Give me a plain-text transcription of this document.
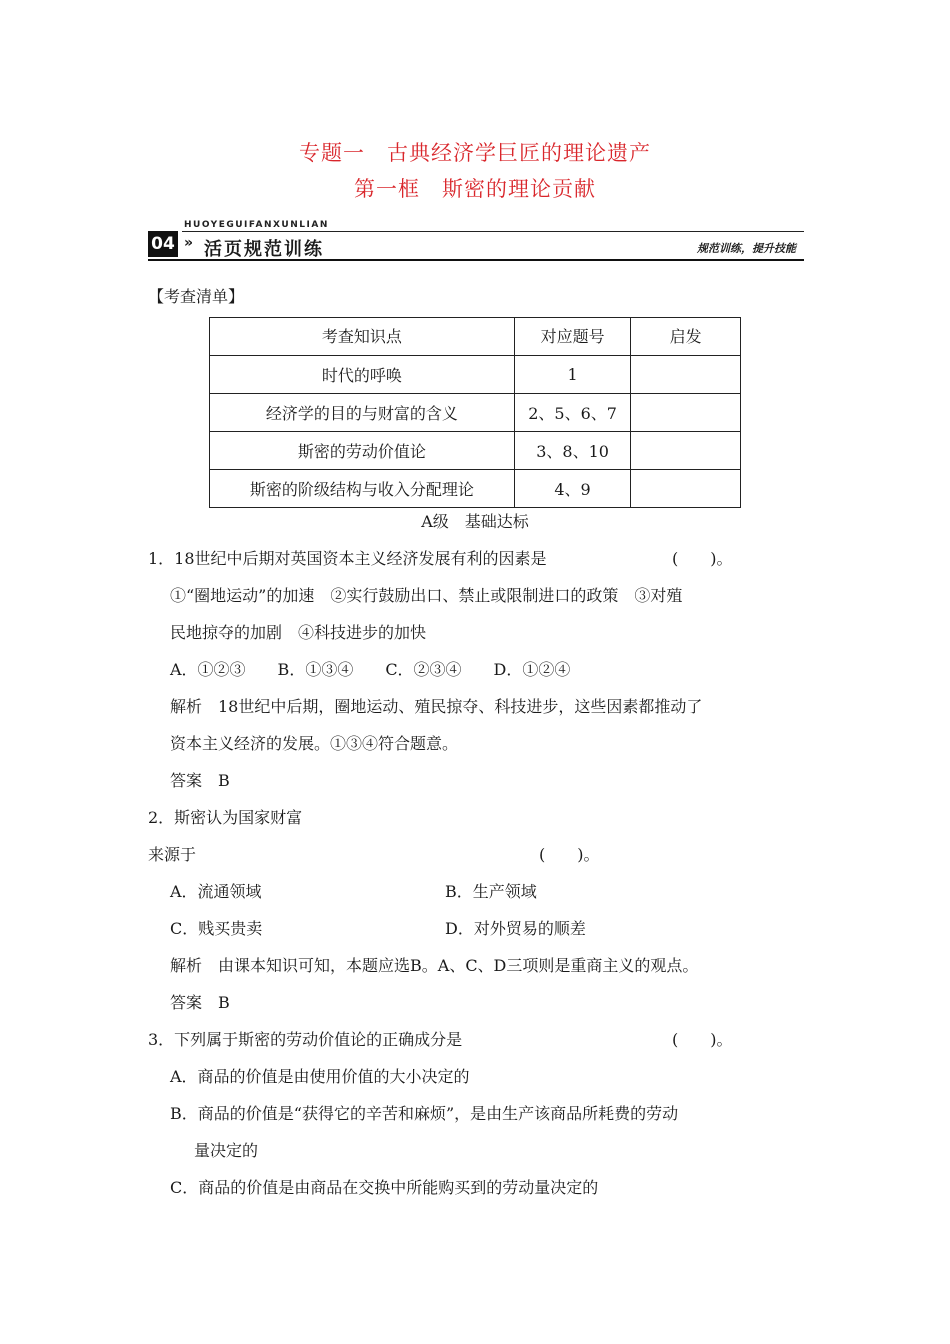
专题一　古典经济学巨匠的理论遗产
第一框　斯密的理论贡献
04
HUOYEGUIFANXUNLIAN
» 活页规范训练	规范训练，提升技能
【考查清单】
考查知识点	对应题号	启发
时代的呼唤	1	
经济学的目的与财富的含义	2、5、6、7	
斯密的劳动价值论	3、8、10	
斯密的阶级结构与收入分配理论	4、9	
A级　基础达标
1．18世纪中后期对英国资本主义经济发展有利的因素是	(　　)。
①“圈地运动”的加速　②实行鼓励出口、禁止或限制进口的政策　③对殖
民地掠夺的加剧　④科技进步的加快
A．①②③　　B．①③④　　C．②③④　　D．①②④
解析　18世纪中后期，圈地运动、殖民掠夺、科技进步，这些因素都推动了
资本主义经济的发展。①③④符合题意。
答案　B
2．斯密认为国家财富
来源于	(　　)。
A．流通领域	B．生产领域
C．贱买贵卖	D．对外贸易的顺差
解析　由课本知识可知，本题应选B。A、C、D三项则是重商主义的观点。
答案　B
3．下列属于斯密的劳动价值论的正确成分是	(　　)。
A．商品的价值是由使用价值的大小决定的
B．商品的价值是“获得它的辛苦和麻烦”，是由生产该商品所耗费的劳动
量决定的
C．商品的价值是由商品在交换中所能购买到的劳动量决定的
